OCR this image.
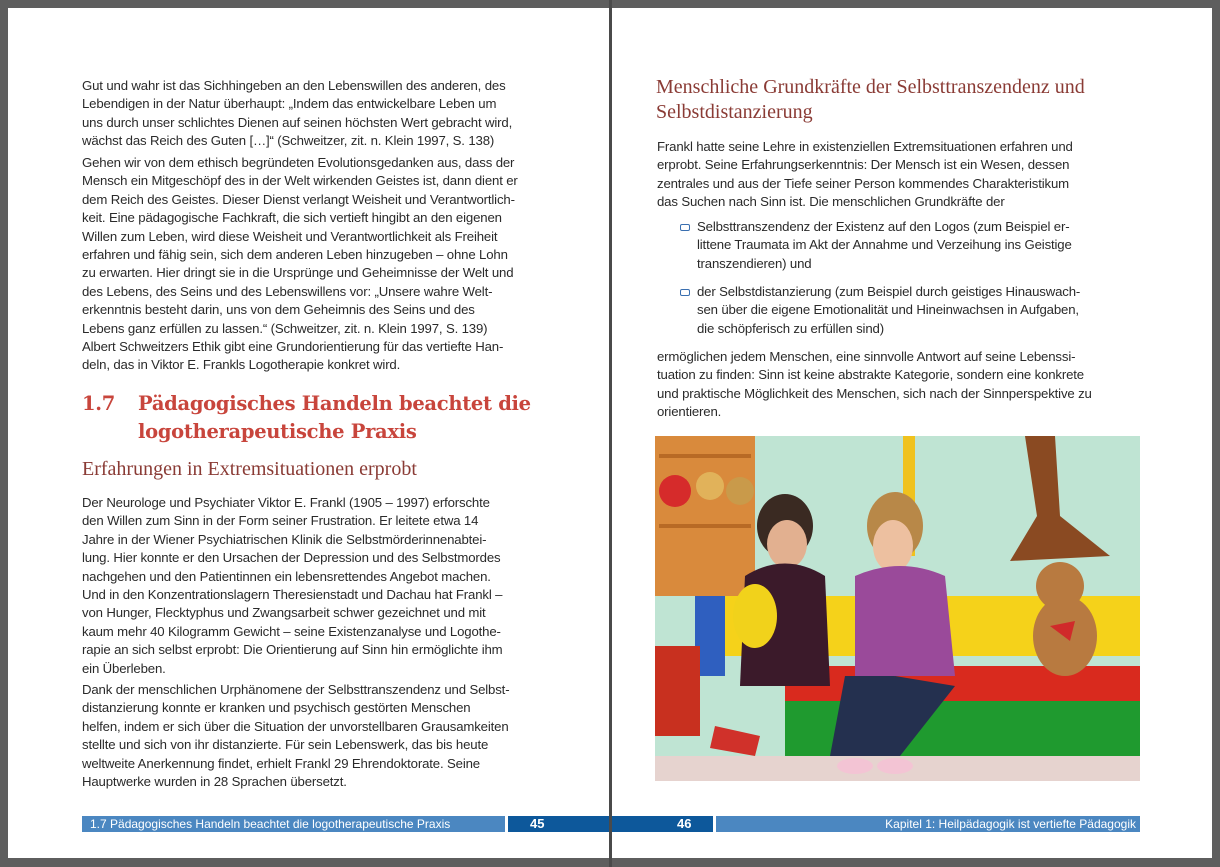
Gut und wahr ist das Sichhingeben an den Lebenswillen des anderen, des
Lebendigen in der Natur überhaupt: „Indem das entwickelbare Leben um
uns durch unser schlichtes Dienen auf seinen höchsten Wert gebracht wird,
wächst das Reich des Guten […]“ (Schweitzer, zit. n. Klein 1997, S. 138)
Gehen wir von dem ethisch begründeten Evolutionsgedanken aus, dass der
Mensch ein Mitgeschöpf des in der Welt wirkenden Geistes ist, dann dient er
dem Reich des Geistes. Dieser Dienst verlangt Weisheit und Verantwortlich-
keit. Eine pädagogische Fachkraft, die sich vertieft hingibt an den eigenen
Willen zum Leben, wird diese Weisheit und Verantwortlichkeit als Freiheit
erfahren und fähig sein, sich dem anderen Leben hinzugeben – ohne Lohn
zu erwarten. Hier dringt sie in die Ursprünge und Geheimnisse der Welt und
des Lebens, des Seins und des Lebenswillens vor: „Unsere wahre Welt-
erkenntnis besteht darin, uns von dem Geheimnis des Seins und des
Lebens ganz erfüllen zu lassen.“ (Schweitzer, zit. n. Klein 1997, S. 139)
Albert Schweitzers Ethik gibt eine Grundorientierung für das vertiefte Han-
deln, das in Viktor E. Frankls Logotherapie konkret wird.
1.7 Pädagogisches Handeln beachtet die
logotherapeutische Praxis
Erfahrungen in Extremsituationen erprobt
Der Neurologe und Psychiater Viktor E. Frankl (1905 – 1997) erforschte
den Willen zum Sinn in der Form seiner Frustration. Er leitete etwa 14
Jahre in der Wiener Psychiatrischen Klinik die Selbstmörderinnenabtei-
lung. Hier konnte er den Ursachen der Depression und des Selbstmordes
nachgehen und den Patientinnen ein lebensrettendes Angebot machen.
Und in den Konzentrationslagern Theresienstadt und Dachau hat Frankl –
von Hunger, Flecktyphus und Zwangsarbeit schwer gezeichnet und mit
kaum mehr 40 Kilogramm Gewicht – seine Existenzanalyse und Logothe-
rapie an sich selbst erprobt: Die Orientierung auf Sinn hin ermöglichte ihm
ein Überleben.
Dank der menschlichen Urphänomene der Selbsttranszendenz und Selbst-
distanzierung konnte er kranken und psychisch gestörten Menschen
helfen, indem er sich über die Situation der unvorstellbaren Grausamkeiten
stellte und sich von ihr distanzierte. Für sein Lebenswerk, das bis heute
weltweite Anerkennung findet, erhielt Frankl 29 Ehrendoktorate. Seine
Hauptwerke wurden in 28 Sprachen übersetzt.
Menschliche Grundkräfte der Selbsttranszendenz und
Selbstdistanzierung
Frankl hatte seine Lehre in existenziellen Extremsituationen erfahren und
erprobt. Seine Erfahrungserkenntnis: Der Mensch ist ein Wesen, dessen
zentrales und aus der Tiefe seiner Person kommendes Charakteristikum
das Suchen nach Sinn ist. Die menschlichen Grundkräfte der
Selbsttranszendenz der Existenz auf den Logos (zum Beispiel er-
littene Traumata im Akt der Annahme und Verzeihung ins Geistige
transzendieren) und
der Selbstdistanzierung (zum Beispiel durch geistiges Hinauswach-
sen über die eigene Emotionalität und Hineinwachsen in Aufgaben,
die schöpferisch zu erfüllen sind)
ermöglichen jedem Menschen, eine sinnvolle Antwort auf seine Lebenssi-
tuation zu finden: Sinn ist keine abstrakte Kategorie, sondern eine konkrete
und praktische Möglichkeit des Menschen, sich nach der Sinnperspektive zu
orientieren.
1.7 Pädagogisches Handeln beachtet die logotherapeutische Praxis	45	46	Kapitel 1: Heilpädagogik ist vertiefte Pädagogik
